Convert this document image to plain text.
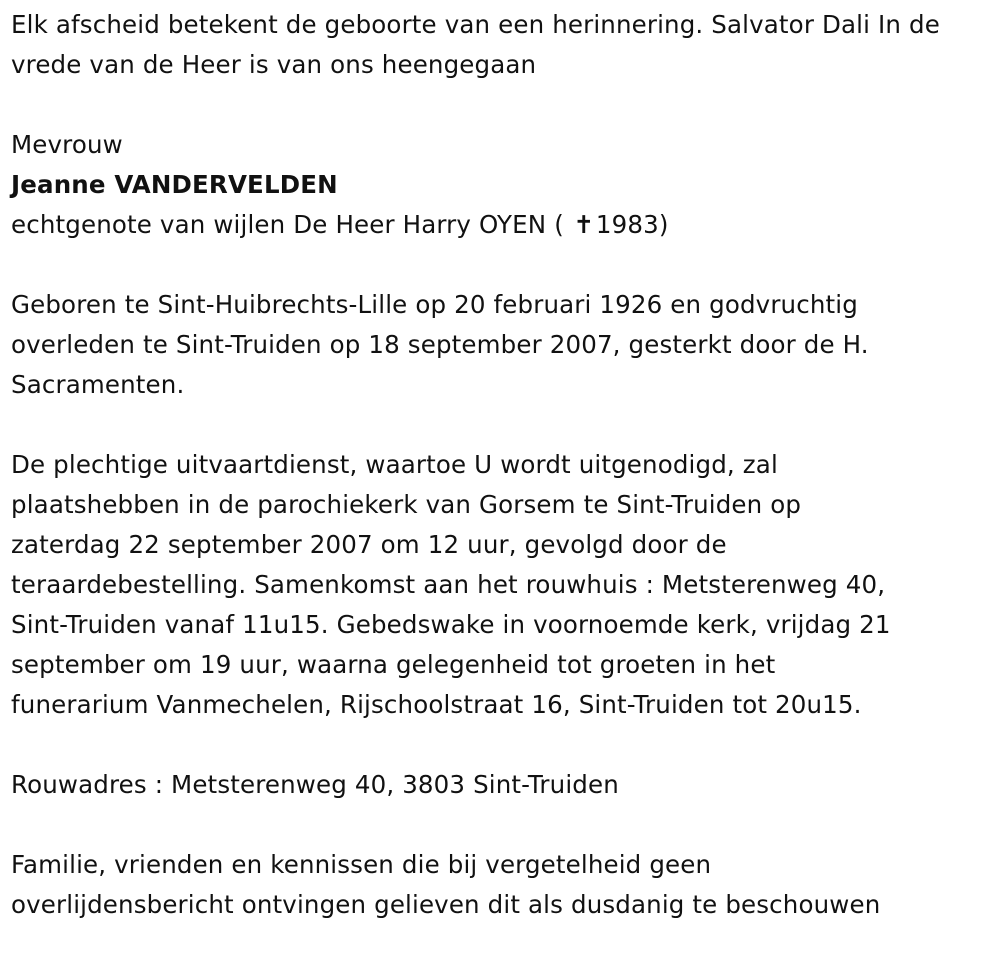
Elk afscheid betekent de geboorte van een herinnering. Salvator Dali In de vrede van de Heer is van ons heengegaan

Mevrouw

Jeanne VANDERVELDEN

echtgenote van wijlen De Heer Harry OYEN ( ✝1983)

Geboren te Sint-Huibrechts-Lille op 20 februari 1926 en godvruchtig overleden te Sint-Truiden op 18 september 2007, gesterkt door de H. Sacramenten.

De plechtige uitvaartdienst, waartoe U wordt uitgenodigd, zal

plaatshebben in de parochiekerk van Gorsem te Sint-Truiden op

zaterdag 22 september 2007 om 12 uur, gevolgd door de

teraardebestelling. Samenkomst aan het rouwhuis : Metsterenweg 40,

Sint-Truiden vanaf 11u15. Gebedswake in voornoemde kerk, vrijdag 21

september om 19 uur, waarna gelegenheid tot groeten in het

funerarium Vanmechelen, Rijschoolstraat 16, Sint-Truiden tot 20u15.

Rouwadres : Metsterenweg 40, 3803 Sint-Truiden

Familie, vrienden en kennissen die bij vergetelheid geen

overlijdensbericht ontvingen gelieven dit als dusdanig te beschouwen
